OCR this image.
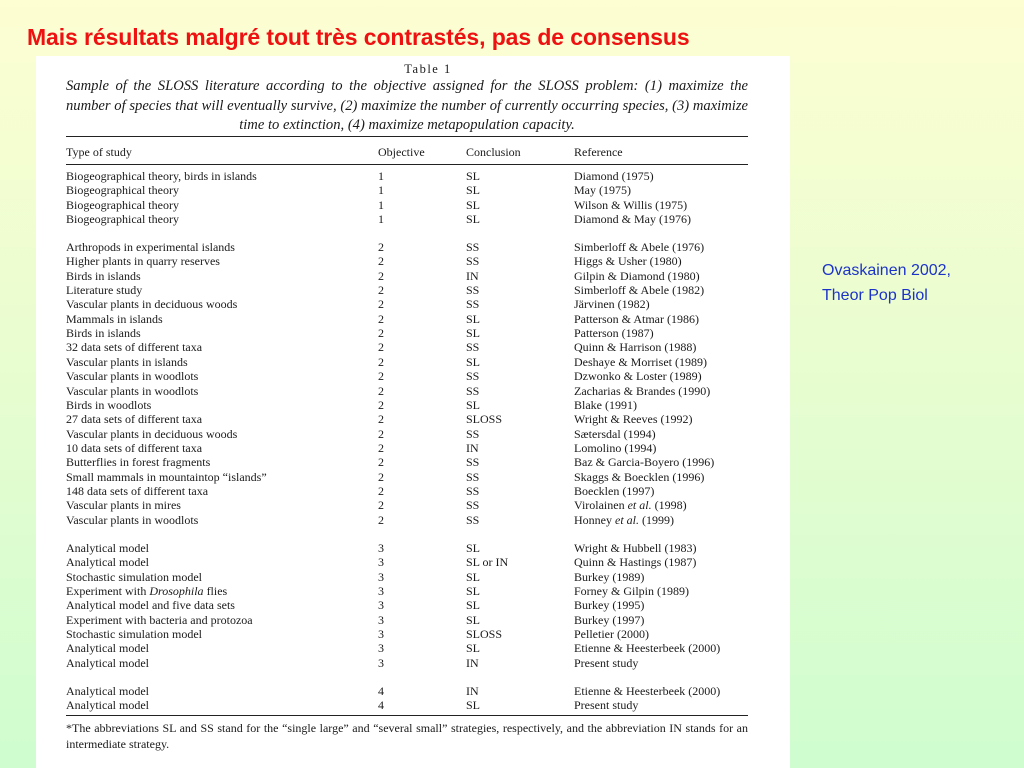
Mais résultats malgré tout très contrastés, pas de consensus
Table 1
Sample of the SLOSS literature according to the objective assigned for the SLOSS problem: (1) maximize the number of species that will eventually survive, (2) maximize the number of currently occurring species, (3) maximize time to extinction, (4) maximize metapopulation capacity.
Type of study	Objective	Conclusion	Reference
Biogeographical theory, birds in islands	1	SL	Diamond (1975)
Biogeographical theory	1	SL	May (1975)
Biogeographical theory	1	SL	Wilson & Willis (1975)
Biogeographical theory	1	SL	Diamond & May (1976)
Arthropods in experimental islands	2	SS	Simberloff & Abele (1976)
Higher plants in quarry reserves	2	SS	Higgs & Usher (1980)
Birds in islands	2	IN	Gilpin & Diamond (1980)
Literature study	2	SS	Simberloff & Abele (1982)
Vascular plants in deciduous woods	2	SS	Järvinen (1982)
Mammals in islands	2	SL	Patterson & Atmar (1986)
Birds in islands	2	SL	Patterson (1987)
32 data sets of different taxa	2	SS	Quinn & Harrison (1988)
Vascular plants in islands	2	SL	Deshaye & Morriset (1989)
Vascular plants in woodlots	2	SS	Dzwonko & Loster (1989)
Vascular plants in woodlots	2	SS	Zacharias & Brandes (1990)
Birds in woodlots	2	SL	Blake (1991)
27 data sets of different taxa	2	SLOSS	Wright & Reeves (1992)
Vascular plants in deciduous woods	2	SS	Sætersdal (1994)
10 data sets of different taxa	2	IN	Lomolino (1994)
Butterflies in forest fragments	2	SS	Baz & Garcia-Boyero (1996)
Small mammals in mountaintop “islands”	2	SS	Skaggs & Boecklen (1996)
148 data sets of different taxa	2	SS	Boecklen (1997)
Vascular plants in mires	2	SS	Virolainen et al. (1998)
Vascular plants in woodlots	2	SS	Honney et al. (1999)
Analytical model	3	SL	Wright & Hubbell (1983)
Analytical model	3	SL or IN	Quinn & Hastings (1987)
Stochastic simulation model	3	SL	Burkey (1989)
Experiment with Drosophila flies	3	SL	Forney & Gilpin (1989)
Analytical model and five data sets	3	SL	Burkey (1995)
Experiment with bacteria and protozoa	3	SL	Burkey (1997)
Stochastic simulation model	3	SLOSS	Pelletier (2000)
Analytical model	3	SL	Etienne & Heesterbeek (2000)
Analytical model	3	IN	Present study
Analytical model	4	IN	Etienne & Heesterbeek (2000)
Analytical model	4	SL	Present study
*The abbreviations SL and SS stand for the “single large” and “several small” strategies, respectively, and the abbreviation IN stands for an intermediate strategy.
Ovaskainen 2002,
Theor Pop Biol
